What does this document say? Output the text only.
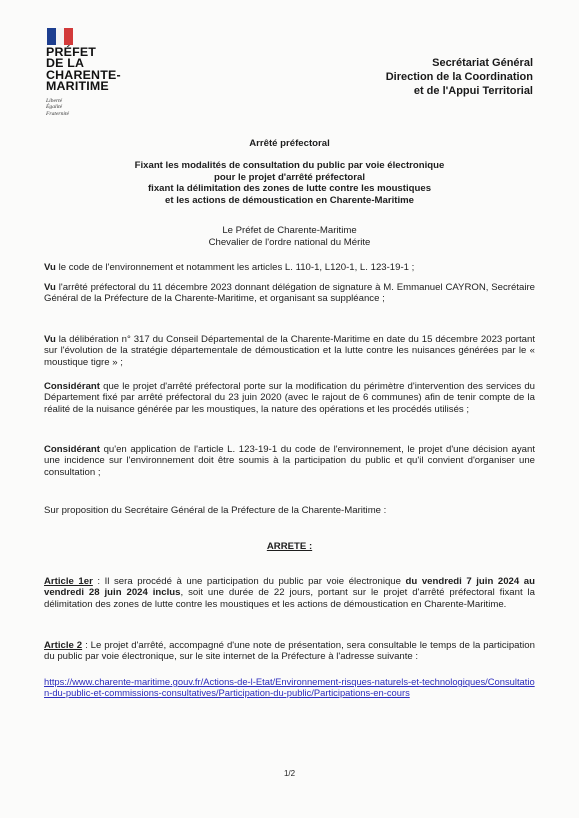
PRÉFET
DE LA
CHARENTE-
MARITIME
Liberté
Égalité
Fraternité
Secrétariat Général
Direction de la Coordination
et de l'Appui Territorial
Arrêté préfectoral
Fixant les modalités de consultation du public par voie électronique
pour le projet d'arrêté préfectoral
fixant la délimitation des zones de lutte contre les moustiques
et les actions de démoustication en Charente-Maritime
Le Préfet de Charente-Maritime
Chevalier de l'ordre national du Mérite
Vu le code de l'environnement et notamment les articles L. 110-1, L120-1, L. 123-19-1 ;
Vu l'arrêté préfectoral du 11 décembre 2023 donnant délégation de signature à M. Emmanuel CAYRON, Secrétaire Général de la Préfecture de la Charente-Maritime, et organisant sa suppléance ;
Vu la délibération n° 317 du Conseil Départemental de la Charente-Maritime en date du 15 décembre 2023 portant sur l'évolution de la stratégie départementale de démoustication et la lutte contre les nuisances générées par le « moustique tigre » ;
Considérant que le projet d'arrêté préfectoral porte sur la modification du périmètre d'intervention des services du Département fixé par arrêté préfectoral du 23 juin 2020 (avec le rajout de 6 communes) afin de tenir compte de la réalité de la nuisance générée par les moustiques, la nature des opérations et les procédés utilisés ;
Considérant qu'en application de l'article L. 123-19-1 du code de l'environnement, le projet d'une décision ayant une incidence sur l'environnement doit être soumis à la participation du public et qu'il convient d'organiser une consultation ;
Sur proposition du Secrétaire Général de la Préfecture de la Charente-Maritime :
ARRETE :
Article 1er : Il sera procédé à une participation du public par voie électronique du vendredi 7 juin 2024 au vendredi 28 juin 2024 inclus, soit une durée de 22 jours, portant sur le projet d'arrêté préfectoral fixant la délimitation des zones de lutte contre les moustiques et les actions de démoustication en Charente-Maritime.
Article 2 : Le projet d'arrêté, accompagné d'une note de présentation, sera consultable le temps de la participation du public par voie électronique, sur le site internet de la Préfecture à l'adresse suivante :
https://www.charente-maritime.gouv.fr/Actions-de-l-Etat/Environnement-risques-naturels-et-technologiques/Consultation-du-public-et-commissions-consultatives/Participation-du-public/Participations-en-cours
1/2
